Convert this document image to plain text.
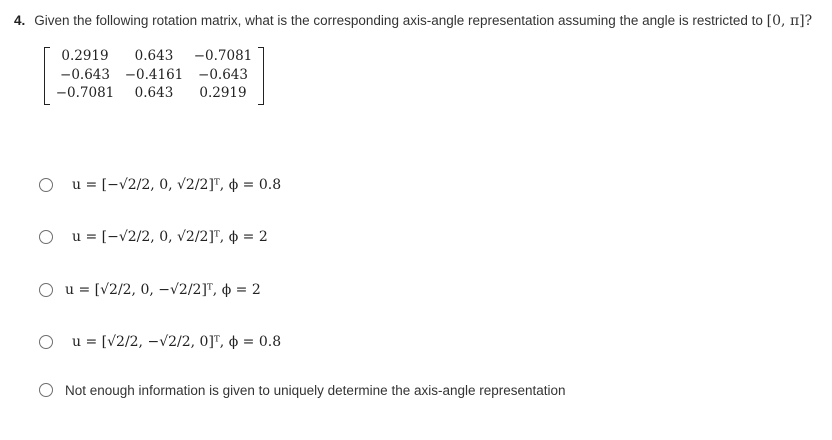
4. Given the following rotation matrix, what is the corresponding axis-angle representation assuming the angle is restricted to [0, π]?
0.2919	0.643	−0.7081
−0.643	−0.4161	−0.643
−0.7081	0.643	0.2919
u = [−√2/2, 0, √2/2]ᵀ, ϕ = 0.8
u = [−√2/2, 0, √2/2]ᵀ, ϕ = 2
u = [√2/2, 0, −√2/2]ᵀ, ϕ = 2
u = [√2/2, −√2/2, 0]ᵀ, ϕ = 0.8
Not enough information is given to uniquely determine the axis-angle representation
